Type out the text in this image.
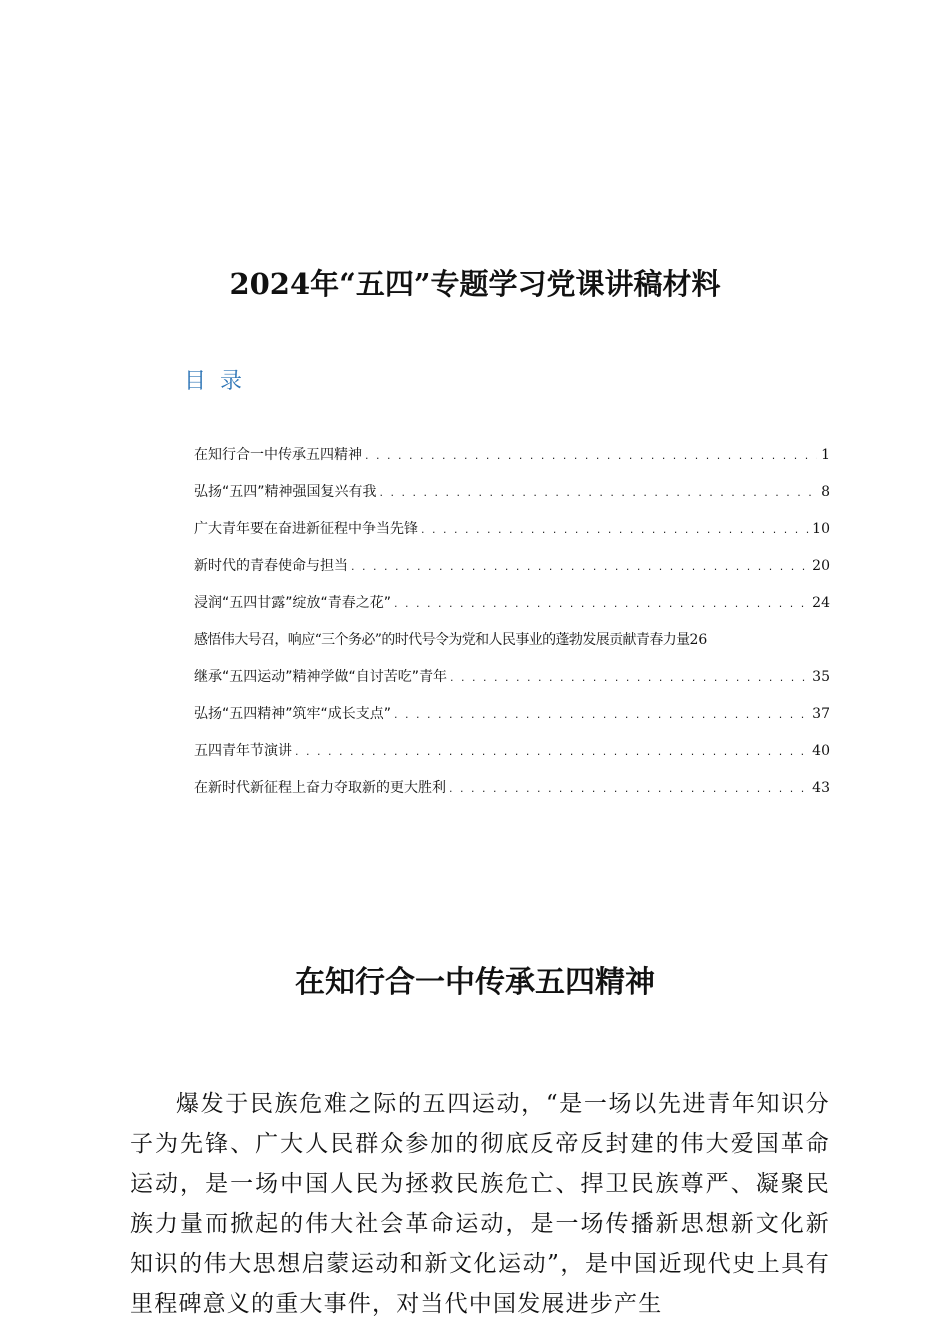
2024年“五四”专题学习党课讲稿材料
目录
在知行合一中传承五四精神 . . .	1
弘扬“五四”精神强国复兴有我 . . .	8
广大青年要在奋进新征程中争当先锋 . . .	10
新时代的青春使命与担当 . . .	20
浸润“五四甘露”绽放“青春之花” . . .	24
感悟伟大号召，响应“三个务必”的时代号令为党和人民事业的蓬勃发展贡献青春力量 26
继承“五四运动”精神学做“自讨苦吃”青年 . . .	35
弘扬“五四精神”筑牢“成长支点” . . .	37
五四青年节演讲 . . .	40
在新时代新征程上奋力夺取新的更大胜利 . . .	43
在知行合一中传承五四精神

爆发于民族危难之际的五四运动，“是一场以先进青年知识分子为先锋、广大人民群众参加的彻底反帝反封建的伟大爱国革命运动，是一场中国人民为拯救民族危亡、捍卫民族尊严、凝聚民族力量而掀起的伟大社会革命运动，是一场传播新思想新文化新知识的伟大思想启蒙运动和新文化运动”，是中国近现代史上具有里程碑意义的重大事件，对当代中国发展进步产生
